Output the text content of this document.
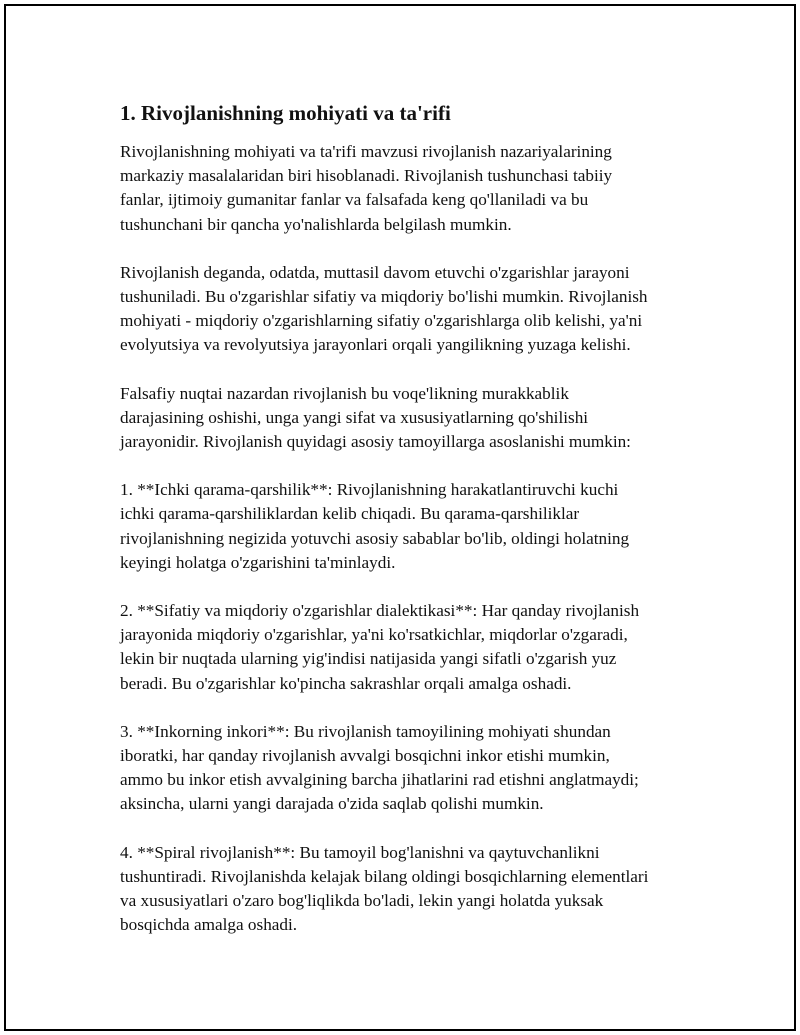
1. Rivojlanishning mohiyati va ta'rifi

Rivojlanishning mohiyati va ta'rifi mavzusi rivojlanish nazariyalarining
markaziy masalalaridan biri hisoblanadi. Rivojlanish tushunchasi tabiiy
fanlar, ijtimoiy gumanitar fanlar va falsafada keng qo'llaniladi va bu
tushunchani bir qancha yo'nalishlarda belgilash mumkin.

Rivojlanish deganda, odatda, muttasil davom etuvchi o'zgarishlar jarayoni
tushuniladi. Bu o'zgarishlar sifatiy va miqdoriy bo'lishi mumkin. Rivojlanish
mohiyati - miqdoriy o'zgarishlarning sifatiy o'zgarishlarga olib kelishi, ya'ni
evolyutsiya va revolyutsiya jarayonlari orqali yangilikning yuzaga kelishi.

Falsafiy nuqtai nazardan rivojlanish bu voqe'likning murakkablik
darajasining oshishi, unga yangi sifat va xususiyatlarning qo'shilishi
jarayonidir. Rivojlanish quyidagi asosiy tamoyillarga asoslanishi mumkin:

1. **Ichki qarama-qarshilik**: Rivojlanishning harakatlantiruvchi kuchi
ichki qarama-qarshiliklardan kelib chiqadi. Bu qarama-qarshiliklar
rivojlanishning negizida yotuvchi asosiy sabablar bo'lib, oldingi holatning
keyingi holatga o'zgarishini ta'minlaydi.

2. **Sifatiy va miqdoriy o'zgarishlar dialektikasi**: Har qanday rivojlanish
jarayonida miqdoriy o'zgarishlar, ya'ni ko'rsatkichlar, miqdorlar o'zgaradi,
lekin bir nuqtada ularning yig'indisi natijasida yangi sifatli o'zgarish yuz
beradi. Bu o'zgarishlar ko'pincha sakrashlar orqali amalga oshadi.

3. **Inkorning inkori**: Bu rivojlanish tamoyilining mohiyati shundan
iboratki, har qanday rivojlanish avvalgi bosqichni inkor etishi mumkin,
ammo bu inkor etish avvalgining barcha jihatlarini rad etishni anglatmaydi;
aksincha, ularni yangi darajada o'zida saqlab qolishi mumkin.

4. **Spiral rivojlanish**: Bu tamoyil bog'lanishni va qaytuvchanlikni
tushuntiradi. Rivojlanishda kelajak bilang oldingi bosqichlarning elementlari
va xususiyatlari o'zaro bog'liqlikda bo'ladi, lekin yangi holatda yuksak
bosqichda amalga oshadi.
